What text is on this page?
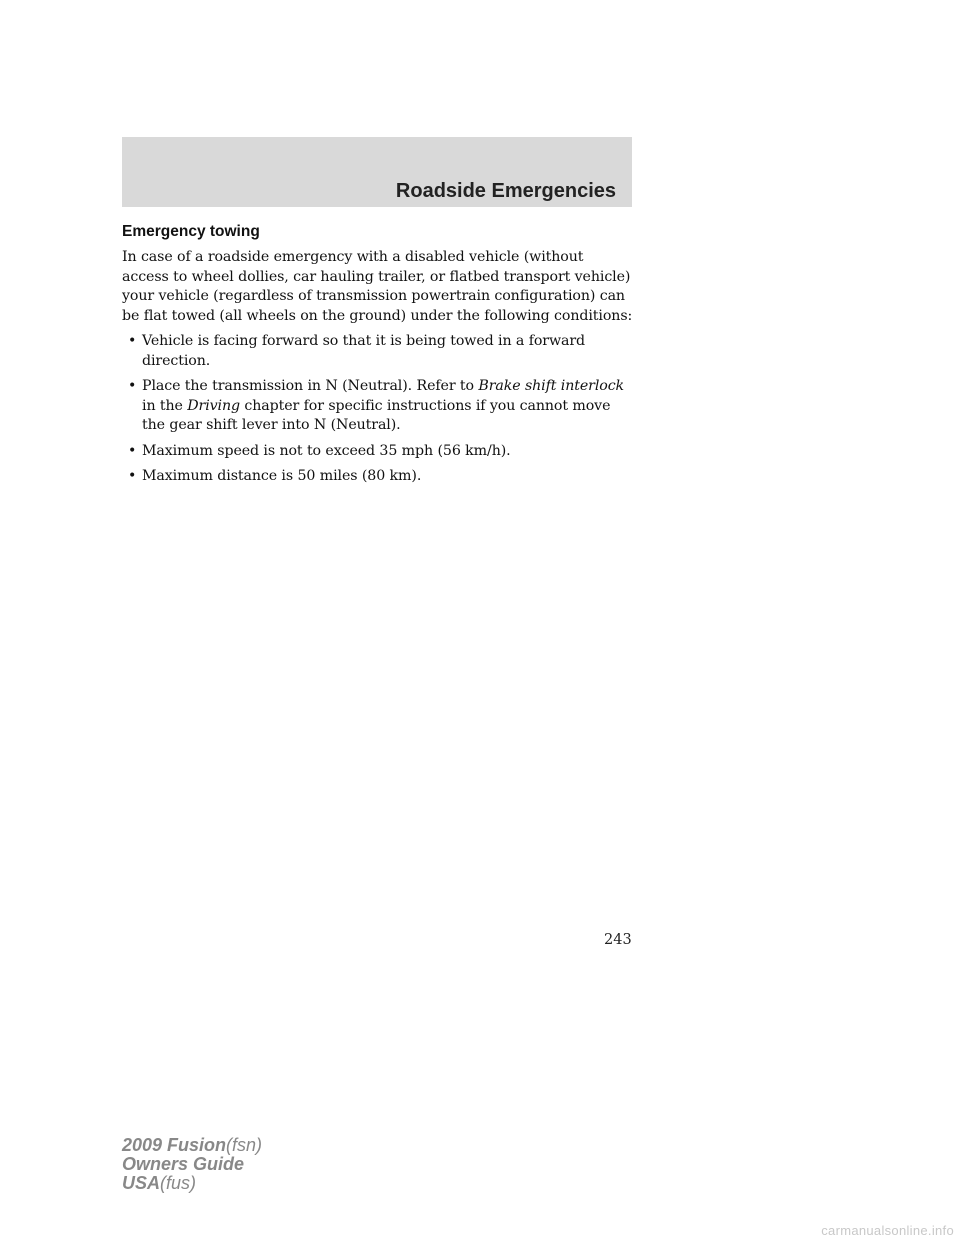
Roadside Emergencies
Emergency towing

In case of a roadside emergency with a disabled vehicle (without access to wheel dollies, car hauling trailer, or flatbed transport vehicle) your vehicle (regardless of transmission powertrain configuration) can be flat towed (all wheels on the ground) under the following conditions:

• Vehicle is facing forward so that it is being towed in a forward direction.
• Place the transmission in N (Neutral). Refer to Brake shift interlock in the Driving chapter for specific instructions if you cannot move the gear shift lever into N (Neutral).
• Maximum speed is not to exceed 35 mph (56 km/h).
• Maximum distance is 50 miles (80 km).
243
2009 Fusion(fsn)
Owners Guide
USA(fus)
carmanualsonline.info
